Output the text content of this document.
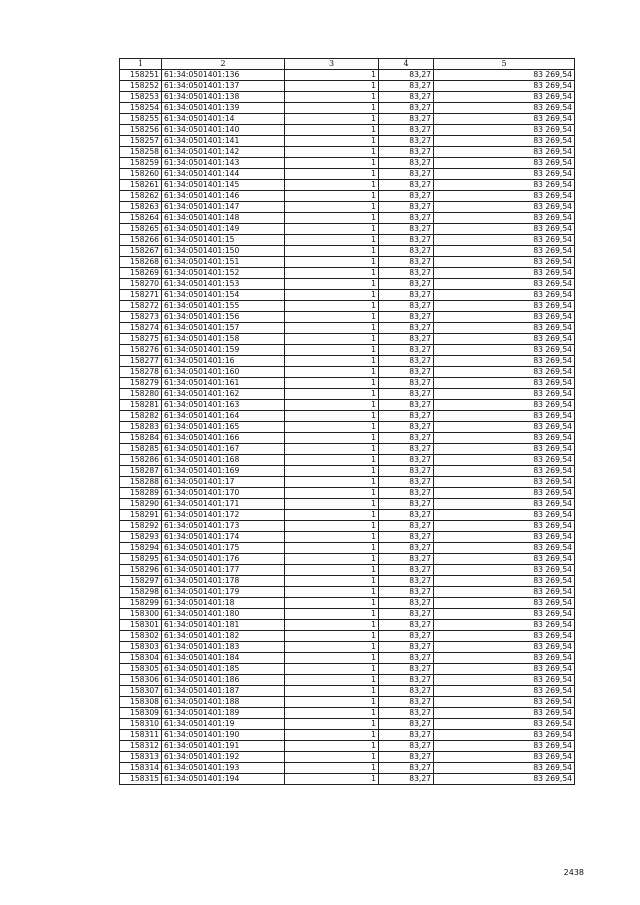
1	2	3	4	5
158251	61:34:0501401:136	1	83,27	83 269,54
158252	61:34:0501401:137	1	83,27	83 269,54
158253	61:34:0501401:138	1	83,27	83 269,54
158254	61:34:0501401:139	1	83,27	83 269,54
158255	61:34:0501401:14	1	83,27	83 269,54
158256	61:34:0501401:140	1	83,27	83 269,54
158257	61:34:0501401:141	1	83,27	83 269,54
158258	61:34:0501401:142	1	83,27	83 269,54
158259	61:34:0501401:143	1	83,27	83 269,54
158260	61:34:0501401:144	1	83,27	83 269,54
158261	61:34:0501401:145	1	83,27	83 269,54
158262	61:34:0501401:146	1	83,27	83 269,54
158263	61:34:0501401:147	1	83,27	83 269,54
158264	61:34:0501401:148	1	83,27	83 269,54
158265	61:34:0501401:149	1	83,27	83 269,54
158266	61:34:0501401:15	1	83,27	83 269,54
158267	61:34:0501401:150	1	83,27	83 269,54
158268	61:34:0501401:151	1	83,27	83 269,54
158269	61:34:0501401:152	1	83,27	83 269,54
158270	61:34:0501401:153	1	83,27	83 269,54
158271	61:34:0501401:154	1	83,27	83 269,54
158272	61:34:0501401:155	1	83,27	83 269,54
158273	61:34:0501401:156	1	83,27	83 269,54
158274	61:34:0501401:157	1	83,27	83 269,54
158275	61:34:0501401:158	1	83,27	83 269,54
158276	61:34:0501401:159	1	83,27	83 269,54
158277	61:34:0501401:16	1	83,27	83 269,54
158278	61:34:0501401:160	1	83,27	83 269,54
158279	61:34:0501401:161	1	83,27	83 269,54
158280	61:34:0501401:162	1	83,27	83 269,54
158281	61:34:0501401:163	1	83,27	83 269,54
158282	61:34:0501401:164	1	83,27	83 269,54
158283	61:34:0501401:165	1	83,27	83 269,54
158284	61:34:0501401:166	1	83,27	83 269,54
158285	61:34:0501401:167	1	83,27	83 269,54
158286	61:34:0501401:168	1	83,27	83 269,54
158287	61:34:0501401:169	1	83,27	83 269,54
158288	61:34:0501401:17	1	83,27	83 269,54
158289	61:34:0501401:170	1	83,27	83 269,54
158290	61:34:0501401:171	1	83,27	83 269,54
158291	61:34:0501401:172	1	83,27	83 269,54
158292	61:34:0501401:173	1	83,27	83 269,54
158293	61:34:0501401:174	1	83,27	83 269,54
158294	61:34:0501401:175	1	83,27	83 269,54
158295	61:34:0501401:176	1	83,27	83 269,54
158296	61:34:0501401:177	1	83,27	83 269,54
158297	61:34:0501401:178	1	83,27	83 269,54
158298	61:34:0501401:179	1	83,27	83 269,54
158299	61:34:0501401:18	1	83,27	83 269,54
158300	61:34:0501401:180	1	83,27	83 269,54
158301	61:34:0501401:181	1	83,27	83 269,54
158302	61:34:0501401:182	1	83,27	83 269,54
158303	61:34:0501401:183	1	83,27	83 269,54
158304	61:34:0501401:184	1	83,27	83 269,54
158305	61:34:0501401:185	1	83,27	83 269,54
158306	61:34:0501401:186	1	83,27	83 269,54
158307	61:34:0501401:187	1	83,27	83 269,54
158308	61:34:0501401:188	1	83,27	83 269,54
158309	61:34:0501401:189	1	83,27	83 269,54
158310	61:34:0501401:19	1	83,27	83 269,54
158311	61:34:0501401:190	1	83,27	83 269,54
158312	61:34:0501401:191	1	83,27	83 269,54
158313	61:34:0501401:192	1	83,27	83 269,54
158314	61:34:0501401:193	1	83,27	83 269,54
158315	61:34:0501401:194	1	83,27	83 269,54
2438
